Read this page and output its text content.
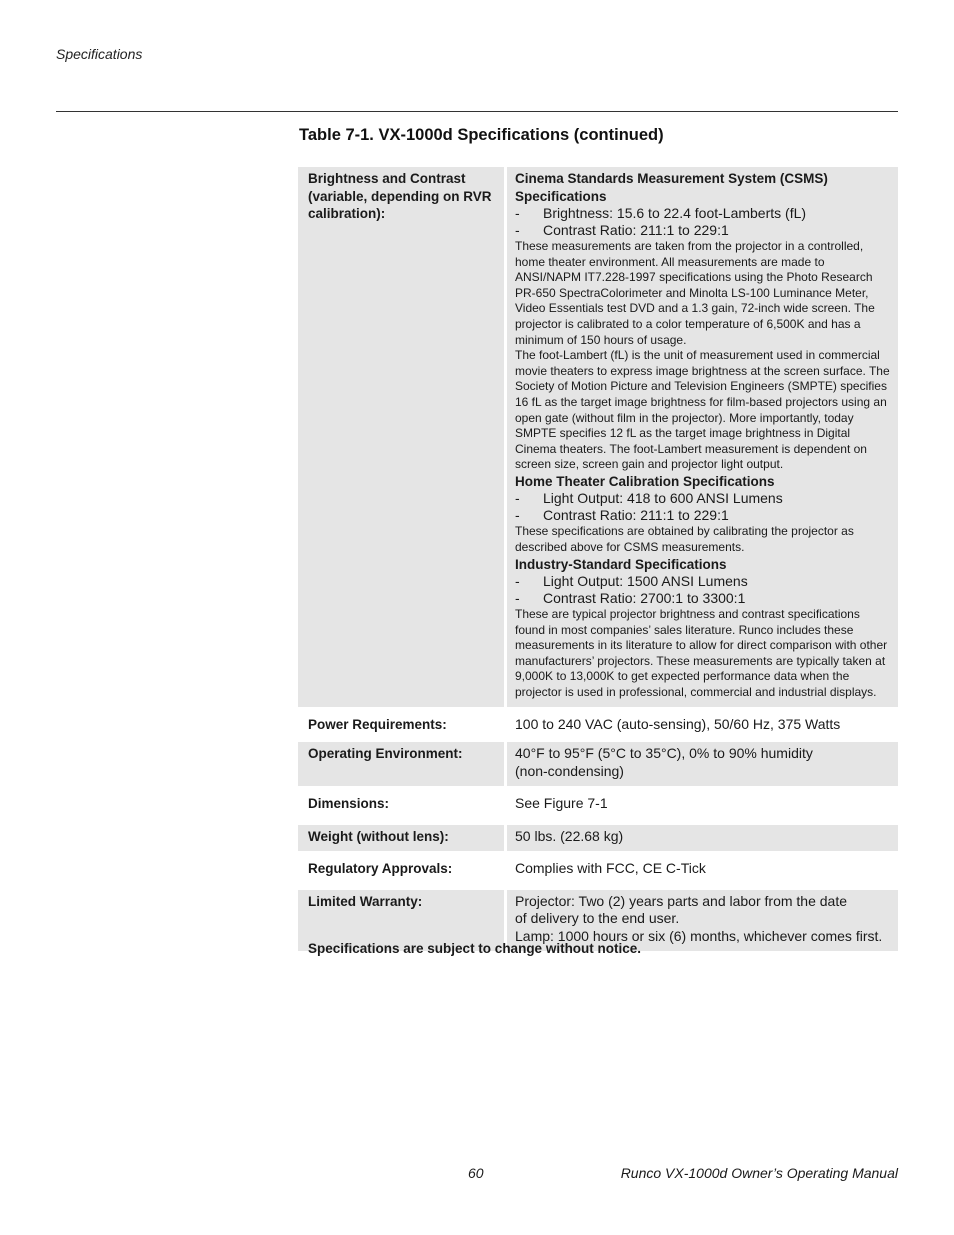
Specifications
Table 7-1. VX-1000d Specifications (continued)
Brightness and Contrast (variable, depending on RVR calibration):
Cinema Standards Measurement System (CSMS) Specifications
-	Brightness: 15.6 to 22.4 foot-Lamberts (fL)
-	Contrast Ratio: 211:1 to 229:1
These measurements are taken from the projector in a controlled, home theater environment. All measurements are made to ANSI/NAPM IT7.228-1997 specifications using the Photo Research PR-650 SpectraColorimeter and Minolta LS-100 Luminance Meter, Video Essentials test DVD and a 1.3 gain, 72-inch wide screen. The projector is calibrated to a color temperature of 6,500K and has a minimum of 150 hours of usage.
The foot-Lambert (fL) is the unit of measurement used in commercial movie theaters to express image brightness at the screen surface. The Society of Motion Picture and Television Engineers (SMPTE) specifies 16 fL as the target image brightness for film-based projectors using an open gate (without film in the projector). More importantly, today SMPTE specifies 12 fL as the target image brightness in Digital Cinema theaters. The foot-Lambert measurement is dependent on screen size, screen gain and projector light output.
Home Theater Calibration Specifications
-	Light Output: 418 to 600 ANSI Lumens
-	Contrast Ratio: 211:1 to 229:1
These specifications are obtained by calibrating the projector as described above for CSMS measurements.
Industry-Standard Specifications
-	Light Output: 1500 ANSI Lumens
-	Contrast Ratio: 2700:1 to 3300:1
These are typical projector brightness and contrast specifications found in most companies’ sales literature. Runco includes these measurements in its literature to allow for direct comparison with other manufacturers’ projectors. These measurements are typically taken at 9,000K to 13,000K to get expected performance data when the projector is used in professional, commercial and industrial displays.
Power Requirements:	100 to 240 VAC (auto-sensing), 50/60 Hz, 375 Watts
Operating Environment:	40°F to 95°F (5°C to 35°C), 0% to 90% humidity (non-condensing)
Dimensions:	See Figure 7-1
Weight (without lens):	50 lbs. (22.68 kg)
Regulatory Approvals:	Complies with FCC, CE C-Tick
Limited Warranty:	Projector: Two (2) years parts and labor from the date of delivery to the end user.
Lamp: 1000 hours or six (6) months, whichever comes first.
Specifications are subject to change without notice.
60	Runco VX-1000d Owner’s Operating Manual
